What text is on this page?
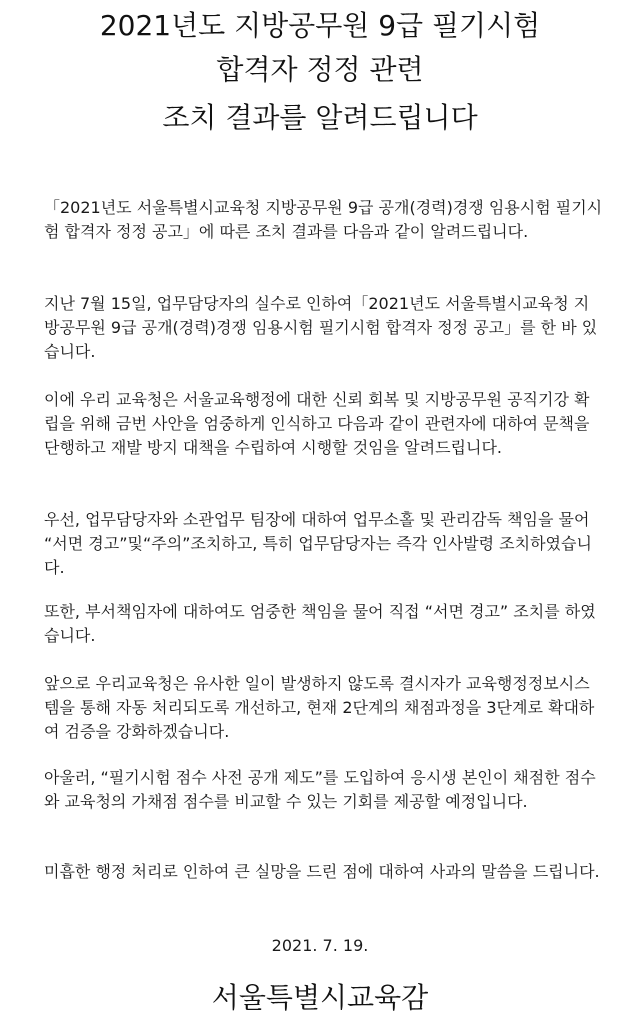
2021년도 지방공무원 9급 필기시험
합격자 정정 관련
조치 결과를 알려드립니다
「2021년도 서울특별시교육청 지방공무원 9급 공개(경력)경쟁 임용시험 필기시험 합격자 정정 공고」에 따른 조치 결과를 다음과 같이 알려드립니다.
지난 7월 15일, 업무담당자의 실수로 인하여「2021년도 서울특별시교육청 지방공무원 9급 공개(경력)경쟁 임용시험 필기시험 합격자 정정 공고」를 한 바 있습니다.
이에 우리 교육청은 서울교육행정에 대한 신뢰 회복 및 지방공무원 공직기강 확립을 위해 금번 사안을 엄중하게 인식하고 다음과 같이 관련자에 대하여 문책을 단행하고 재발 방지 대책을 수립하여 시행할 것임을 알려드립니다.
우선, 업무담당자와 소관업무 팀장에 대하여 업무소홀 및 관리감독 책임을 물어 “서면 경고”및“주의”조치하고, 특히 업무담당자는 즉각 인사발령 조치하였습니다.
또한, 부서책임자에 대하여도 엄중한 책임을 물어 직접 “서면 경고” 조치를 하였습니다.
앞으로 우리교육청은 유사한 일이 발생하지 않도록 결시자가 교육행정정보시스템을 통해 자동 처리되도록 개선하고, 현재 2단계의 채점과정을 3단계로 확대하여 검증을 강화하겠습니다.
아울러, “필기시험 점수 사전 공개 제도”를 도입하여 응시생 본인이 채점한 점수와 교육청의 가채점 점수를 비교할 수 있는 기회를 제공할 예정입니다.
미흡한 행정 처리로 인하여 큰 실망을 드린 점에 대하여 사과의 말씀을 드립니다.
2021. 7. 19.
서울특별시교육감
